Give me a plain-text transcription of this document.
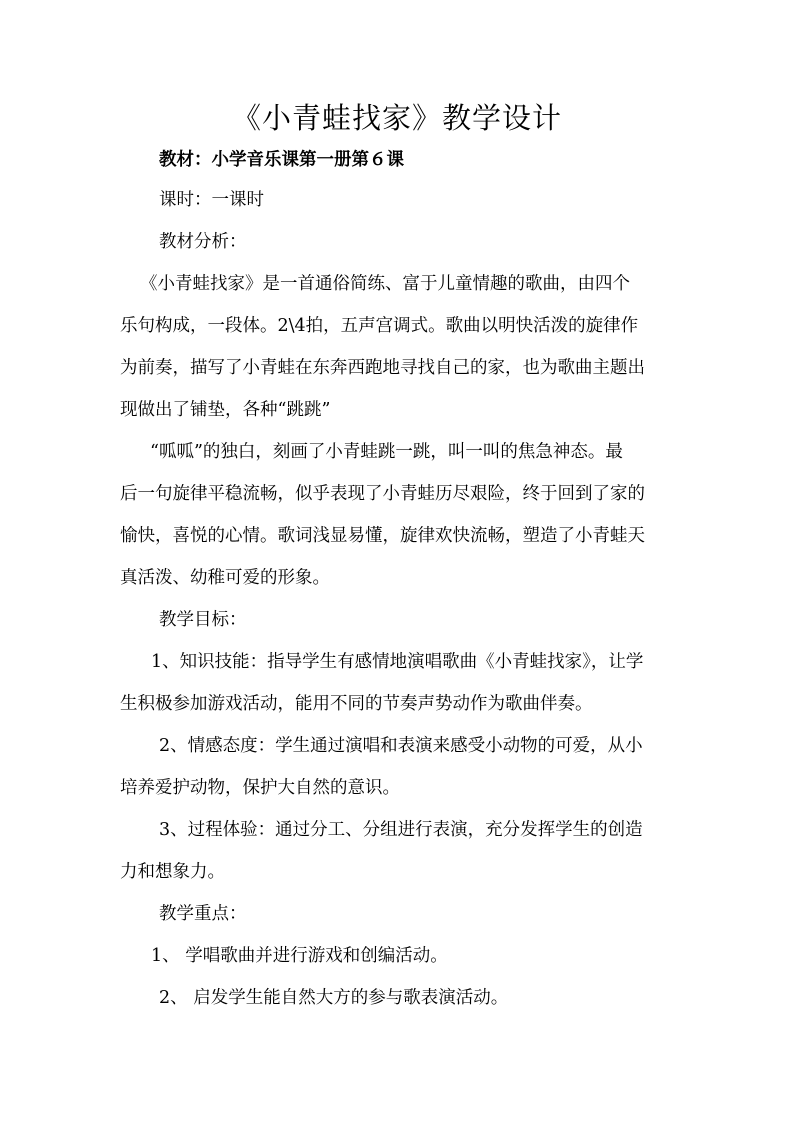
《小青蛙找家》教学设计
教材：小学音乐课第一册第６课
课时：一课时
教材分析：
《小青蛙找家》是一首通俗简练、富于儿童情趣的歌曲，由四个
乐句构成，一段体。2\4拍，五声宫调式。歌曲以明快活泼的旋律作
为前奏，描写了小青蛙在东奔西跑地寻找自己的家，也为歌曲主题出
现做出了铺垫，各种“跳跳”
“呱呱”的独白，刻画了小青蛙跳一跳，叫一叫的焦急神态。最
后一句旋律平稳流畅，似乎表现了小青蛙历尽艰险，终于回到了家的
愉快，喜悦的心情。歌词浅显易懂，旋律欢快流畅，塑造了小青蛙天
真活泼、幼稚可爱的形象。
教学目标：
1、知识技能：指导学生有感情地演唱歌曲《小青蛙找家》，让学
生积极参加游戏活动，能用不同的节奏声势动作为歌曲伴奏。
2、情感态度：学生通过演唱和表演来感受小动物的可爱，从小
培养爱护动物，保护大自然的意识。
3、过程体验：通过分工、分组进行表演，充分发挥学生的创造
力和想象力。
教学重点：
1、 学唱歌曲并进行游戏和创编活动。
2、 启发学生能自然大方的参与歌表演活动。
